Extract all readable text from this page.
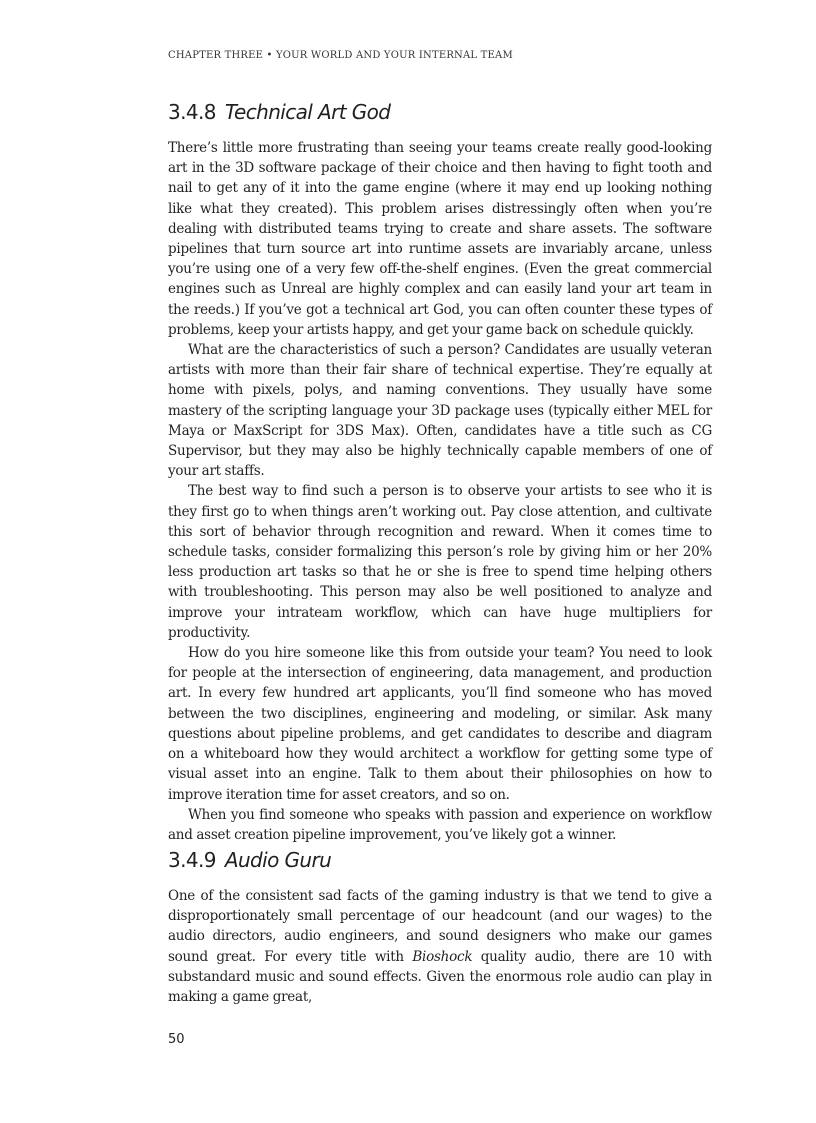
CHAPTER THREE • YOUR WORLD AND YOUR INTERNAL TEAM
3.4.8 Technical Art God

There’s little more frustrating than seeing your teams create really good-looking art in the 3D software package of their choice and then having to fight tooth and nail to get any of it into the game engine (where it may end up looking nothing like what they created). This problem arises distressingly often when you’re dealing with distributed teams trying to create and share assets. The software pipelines that turn source art into runtime assets are invariably arcane, unless you’re using one of a very few off-the-shelf engines. (Even the great commercial engines such as Unreal are highly complex and can easily land your art team in the reeds.) If you’ve got a technical art God, you can often counter these types of problems, keep your artists happy, and get your game back on schedule quickly.

What are the characteristics of such a person? Candidates are usually veteran artists with more than their fair share of technical expertise. They’re equally at home with pixels, polys, and naming conventions. They usually have some mastery of the scripting language your 3D package uses (typically either MEL for Maya or MaxScript for 3DS Max). Often, candidates have a title such as CG Supervisor, but they may also be highly technically capable members of one of your art staffs.

The best way to find such a person is to observe your artists to see who it is they first go to when things aren’t working out. Pay close attention, and cultivate this sort of behavior through recognition and reward. When it comes time to schedule tasks, consider formalizing this person’s role by giving him or her 20% less production art tasks so that he or she is free to spend time helping others with troubleshooting. This person may also be well positioned to analyze and improve your intrateam workflow, which can have huge multipliers for productivity.

How do you hire someone like this from outside your team? You need to look for people at the intersection of engineering, data management, and production art. In every few hundred art applicants, you’ll find someone who has moved between the two disciplines, engineering and modeling, or similar. Ask many questions about pipeline problems, and get candidates to describe and diagram on a whiteboard how they would architect a workflow for getting some type of visual asset into an engine. Talk to them about their philosophies on how to improve iteration time for asset creators, and so on.

When you find someone who speaks with passion and experience on workflow and asset creation pipeline improvement, you’ve likely got a winner.

3.4.9 Audio Guru

One of the consistent sad facts of the gaming industry is that we tend to give a disproportionately small percentage of our headcount (and our wages) to the audio directors, audio engineers, and sound designers who make our games sound great. For every title with Bioshock quality audio, there are 10 with substandard music and sound effects. Given the enormous role audio can play in making a game great,

50
